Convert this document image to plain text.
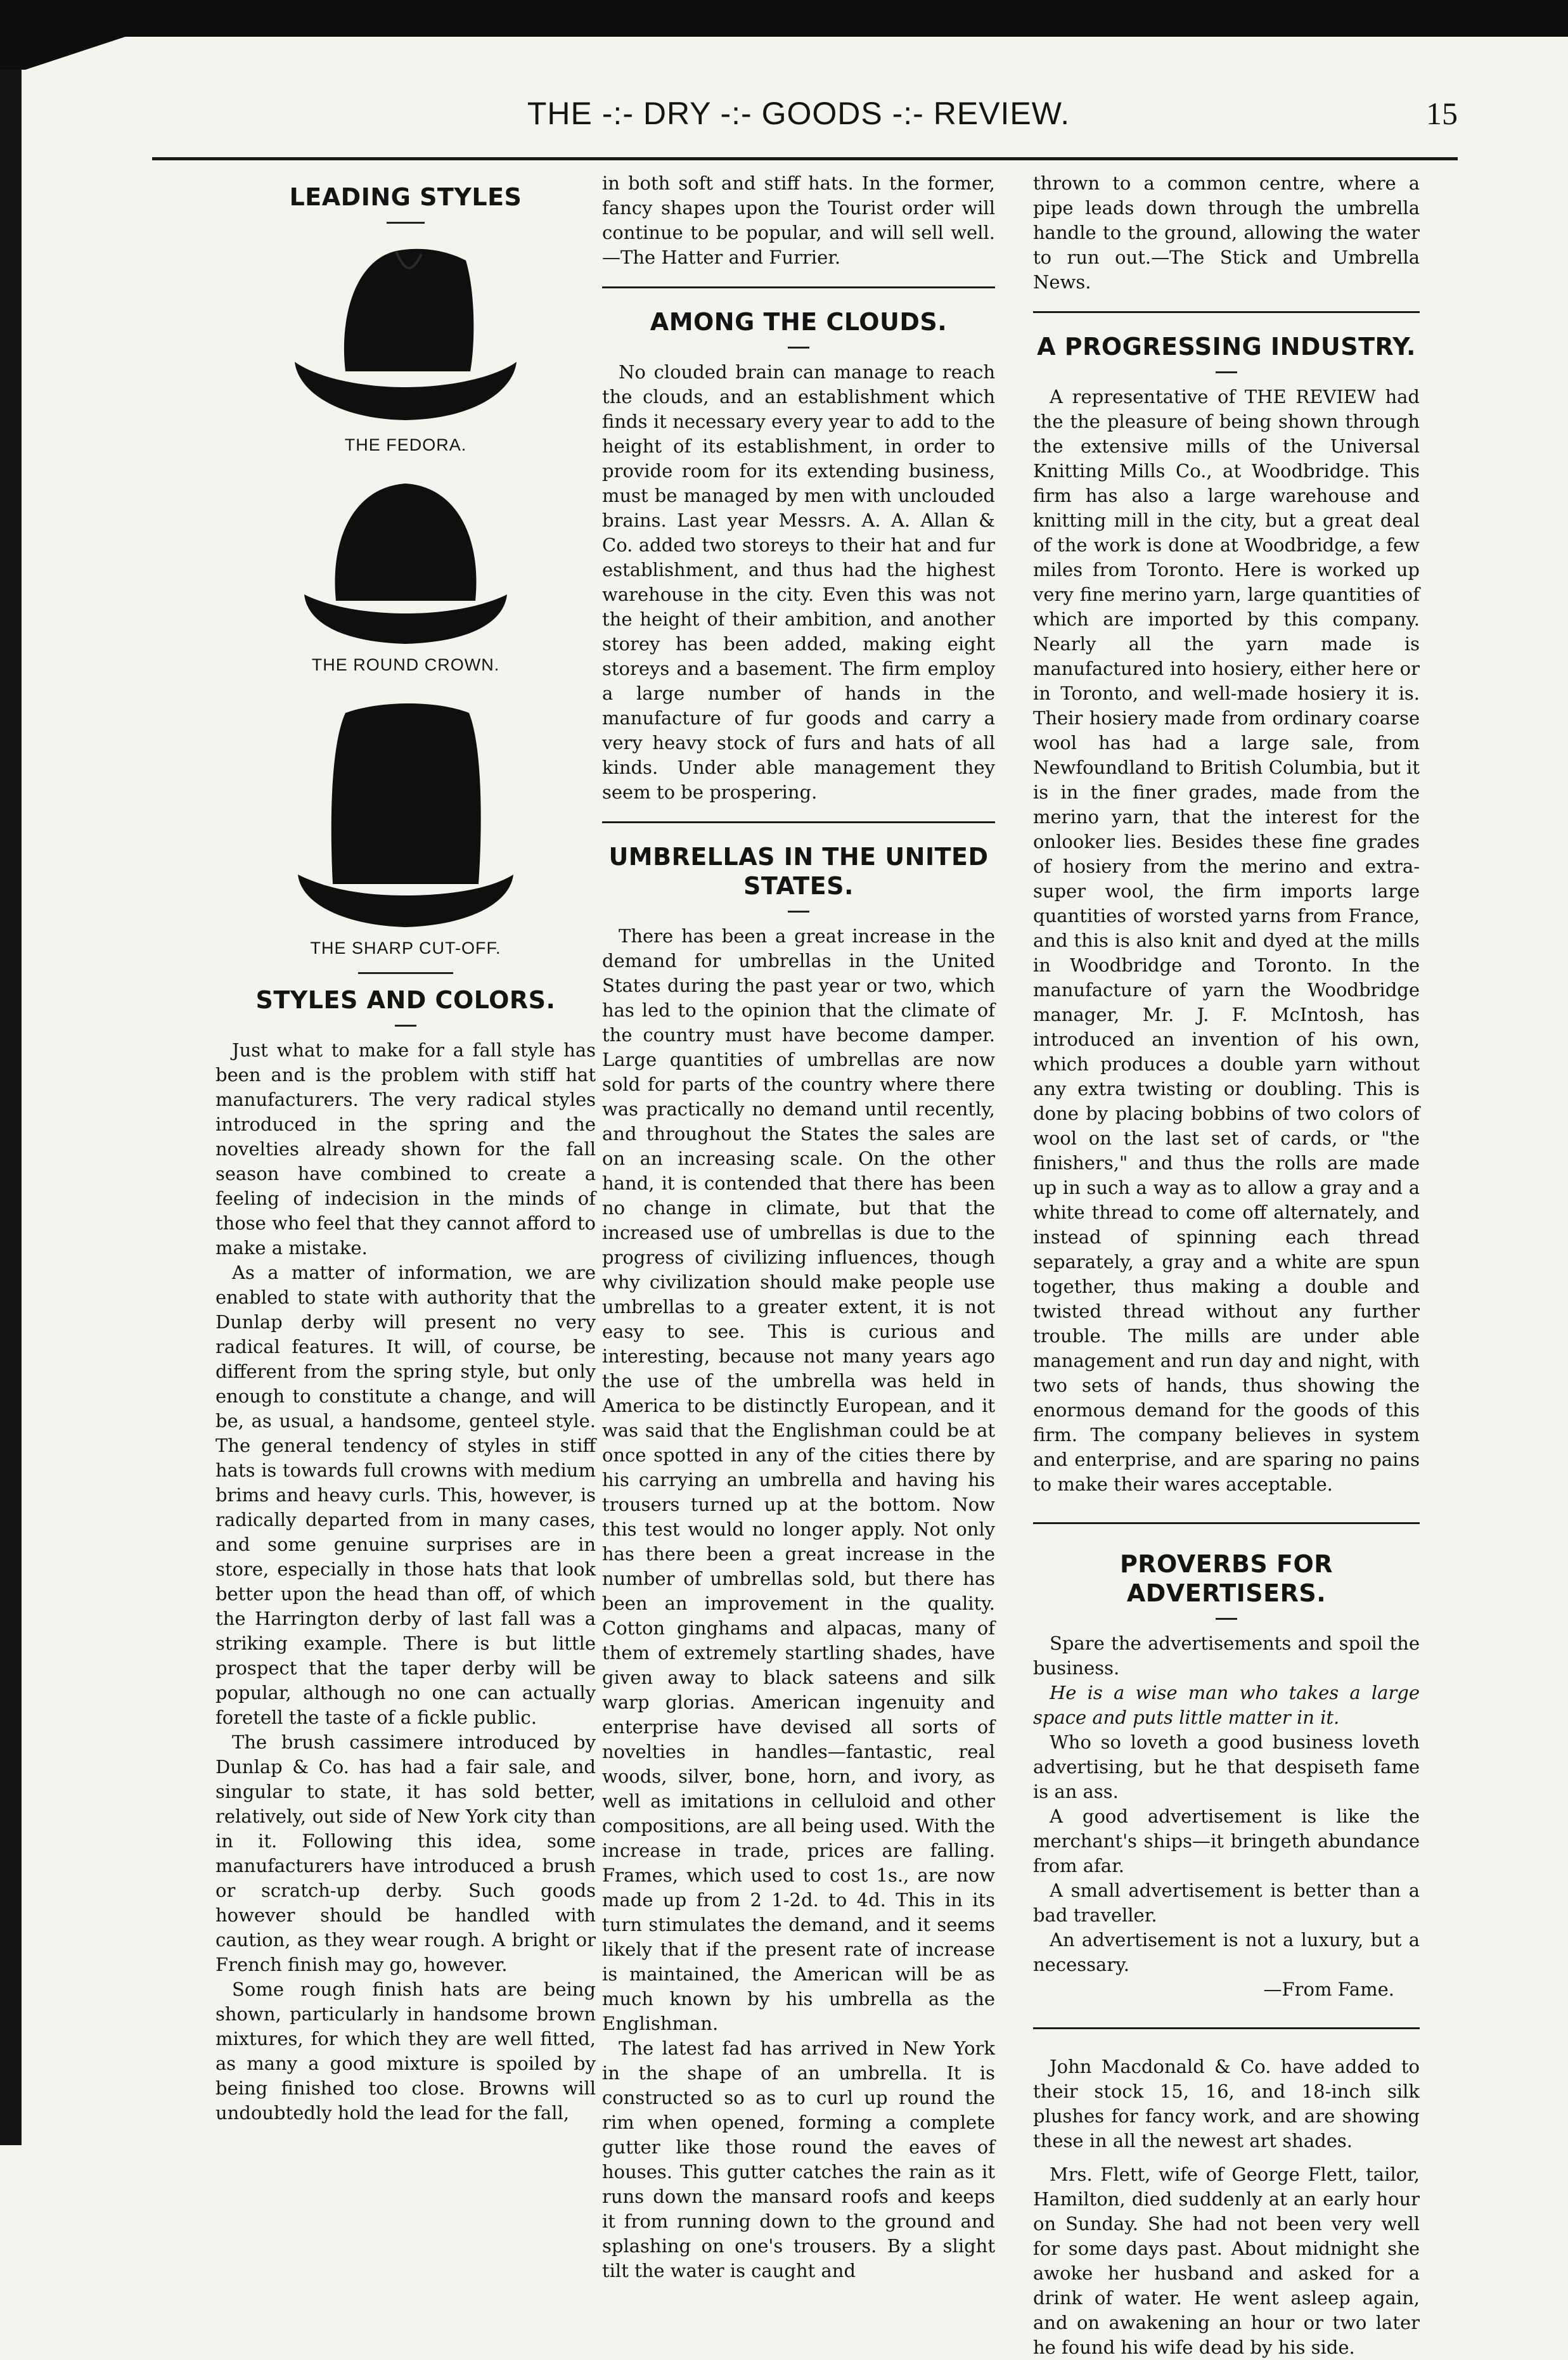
THE -:- DRY -:- GOODS -:- REVIEW.	15
LEADING STYLES
THE FEDORA.
THE ROUND CROWN.
THE SHARP CUT-OFF.
STYLES AND COLORS.

Just what to make for a fall style has been and is the problem with stiff hat manufacturers. The very radical styles introduced in the spring and the novelties already shown for the fall season have combined to create a feeling of indecision in the minds of those who feel that they cannot afford to make a mistake.

As a matter of information, we are enabled to state with authority that the Dunlap derby will present no very radical features. It will, of course, be different from the spring style, but only enough to constitute a change, and will be, as usual, a handsome, genteel style. The general tendency of styles in stiff hats is towards full crowns with medium brims and heavy curls. This, however, is radically departed from in many cases, and some genuine surprises are in store, especially in those hats that look better upon the head than off, of which the Harrington derby of last fall was a striking example. There is but little prospect that the taper derby will be popular, although no one can actually foretell the taste of a fickle public.

The brush cassimere introduced by Dunlap & Co. has had a fair sale, and singular to state, it has sold better, relatively, out side of New York city than in it. Following this idea, some manufacturers have introduced a brush or scratch-up derby. Such goods however should be handled with caution, as they wear rough. A bright or French finish may go, however.

Some rough finish hats are being shown, particularly in handsome brown mixtures, for which they are well fitted, as many a good mixture is spoiled by being finished too close. Browns will undoubtedly hold the lead for the fall,

in both soft and stiff hats. In the former, fancy shapes upon the Tourist order will continue to be popular, and will sell well.—The Hatter and Furrier.

AMONG THE CLOUDS.

No clouded brain can manage to reach the clouds, and an establishment which finds it necessary every year to add to the height of its establishment, in order to provide room for its extending business, must be managed by men with unclouded brains. Last year Messrs. A. A. Allan & Co. added two storeys to their hat and fur establishment, and thus had the highest warehouse in the city. Even this was not the height of their ambition, and another storey has been added, making eight storeys and a basement. The firm employ a large number of hands in the manufacture of fur goods and carry a very heavy stock of furs and hats of all kinds. Under able management they seem to be prospering.

UMBRELLAS IN THE UNITED STATES.

There has been a great increase in the demand for umbrellas in the United States during the past year or two, which has led to the opinion that the climate of the country must have become damper. Large quantities of umbrellas are now sold for parts of the country where there was practically no demand until recently, and throughout the States the sales are on an increasing scale. On the other hand, it is contended that there has been no change in climate, but that the increased use of umbrellas is due to the progress of civilizing influences, though why civilization should make people use umbrellas to a greater extent, it is not easy to see. This is curious and interesting, because not many years ago the use of the umbrella was held in America to be distinctly European, and it was said that the Englishman could be at once spotted in any of the cities there by his carrying an umbrella and having his trousers turned up at the bottom. Now this test would no longer apply. Not only has there been a great increase in the number of umbrellas sold, but there has been an improvement in the quality. Cotton ginghams and alpacas, many of them of extremely startling shades, have given away to black sateens and silk warp glorias. American ingenuity and enterprise have devised all sorts of novelties in handles—fantastic, real woods, silver, bone, horn, and ivory, as well as imitations in celluloid and other compositions, are all being used. With the increase in trade, prices are falling. Frames, which used to cost 1s., are now made up from 2 1-2d. to 4d. This in its turn stimulates the demand, and it seems likely that if the present rate of increase is maintained, the American will be as much known by his umbrella as the Englishman.

The latest fad has arrived in New York in the shape of an umbrella. It is constructed so as to curl up round the rim when opened, forming a complete gutter like those round the eaves of houses. This gutter catches the rain as it runs down the mansard roofs and keeps it from running down to the ground and splashing on one's trousers. By a slight tilt the water is caught and

thrown to a common centre, where a pipe leads down through the umbrella handle to the ground, allowing the water to run out.—The Stick and Umbrella News.

A PROGRESSING INDUSTRY.

A representative of THE REVIEW had the the pleasure of being shown through the extensive mills of the Universal Knitting Mills Co., at Woodbridge. This firm has also a large warehouse and knitting mill in the city, but a great deal of the work is done at Woodbridge, a few miles from Toronto. Here is worked up very fine merino yarn, large quantities of which are imported by this company. Nearly all the yarn made is manufactured into hosiery, either here or in Toronto, and well-made hosiery it is. Their hosiery made from ordinary coarse wool has had a large sale, from Newfoundland to British Columbia, but it is in the finer grades, made from the merino yarn, that the interest for the onlooker lies. Besides these fine grades of hosiery from the merino and extra-super wool, the firm imports large quantities of worsted yarns from France, and this is also knit and dyed at the mills in Woodbridge and Toronto. In the manufacture of yarn the Woodbridge manager, Mr. J. F. McIntosh, has introduced an invention of his own, which produces a double yarn without any extra twisting or doubling. This is done by placing bobbins of two colors of wool on the last set of cards, or "the finishers," and thus the rolls are made up in such a way as to allow a gray and a white thread to come off alternately, and instead of spinning each thread separately, a gray and a white are spun together, thus making a double and twisted thread without any further trouble. The mills are under able management and run day and night, with two sets of hands, thus showing the enormous demand for the goods of this firm. The company believes in system and enterprise, and are sparing no pains to make their wares acceptable.

PROVERBS FOR ADVERTISERS.

Spare the advertisements and spoil the business.

He is a wise man who takes a large space and puts little matter in it.

Who so loveth a good business loveth advertising, but he that despiseth fame is an ass.

A good advertisement is like the merchant's ships—it bringeth abundance from afar.

A small advertisement is better than a bad traveller.

An advertisement is not a luxury, but a necessary.

—From Fame.

John Macdonald & Co. have added to their stock 15, 16, and 18-inch silk plushes for fancy work, and are showing these in all the newest art shades.

Mrs. Flett, wife of George Flett, tailor, Hamilton, died suddenly at an early hour on Sunday. She had not been very well for some days past. About midnight she awoke her husband and asked for a drink of water. He went asleep again, and on awakening an hour or two later he found his wife dead by his side.
